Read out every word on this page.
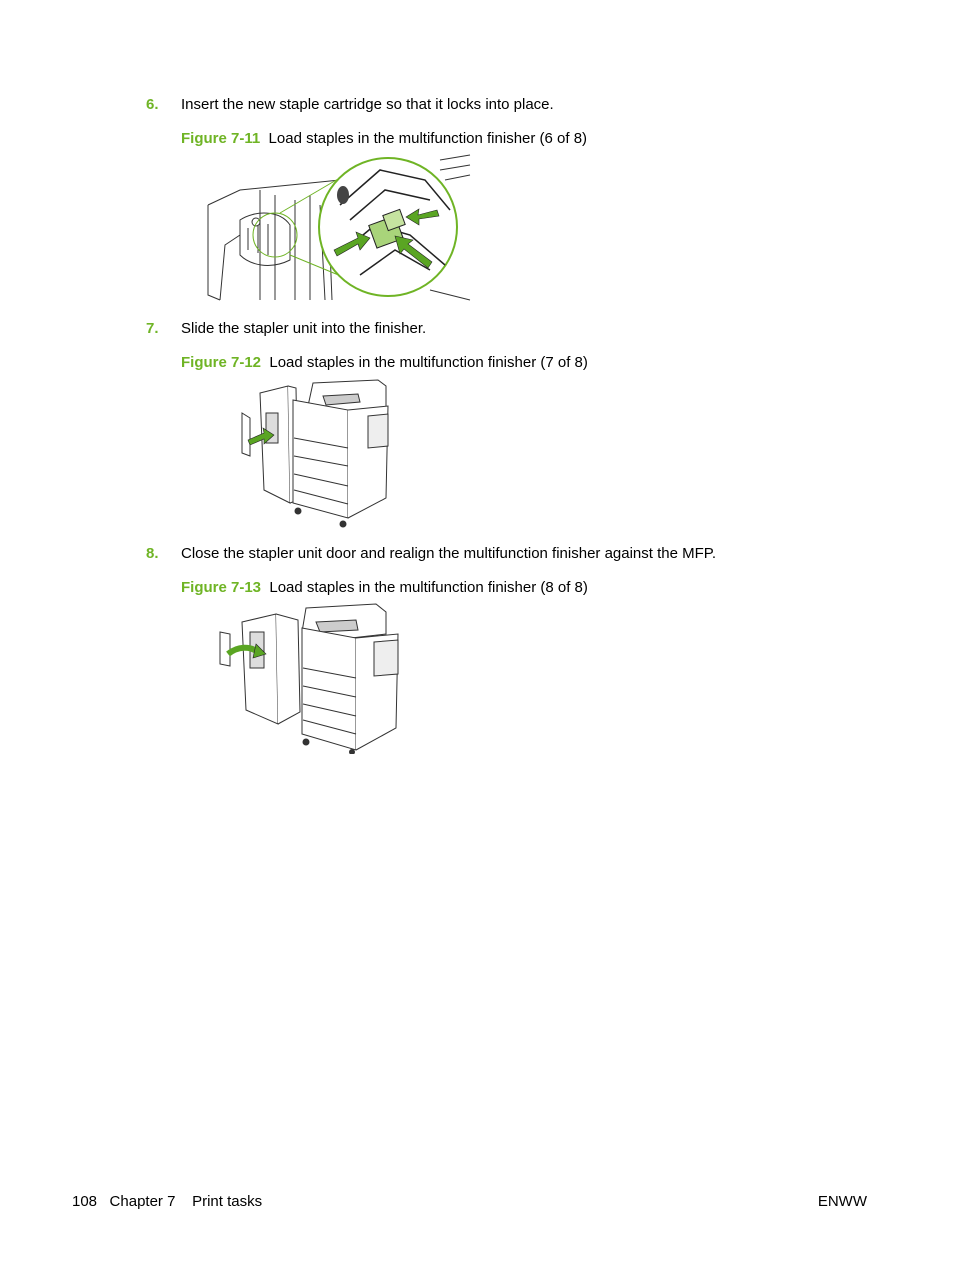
6. Insert the new staple cartridge so that it locks into place.
Figure 7-11 Load staples in the multifunction finisher (6 of 8)
7. Slide the stapler unit into the finisher.
Figure 7-12 Load staples in the multifunction finisher (7 of 8)
8. Close the stapler unit door and realign the multifunction finisher against the MFP.
Figure 7-13 Load staples in the multifunction finisher (8 of 8)
108 Chapter 7 Print tasks	ENWW
